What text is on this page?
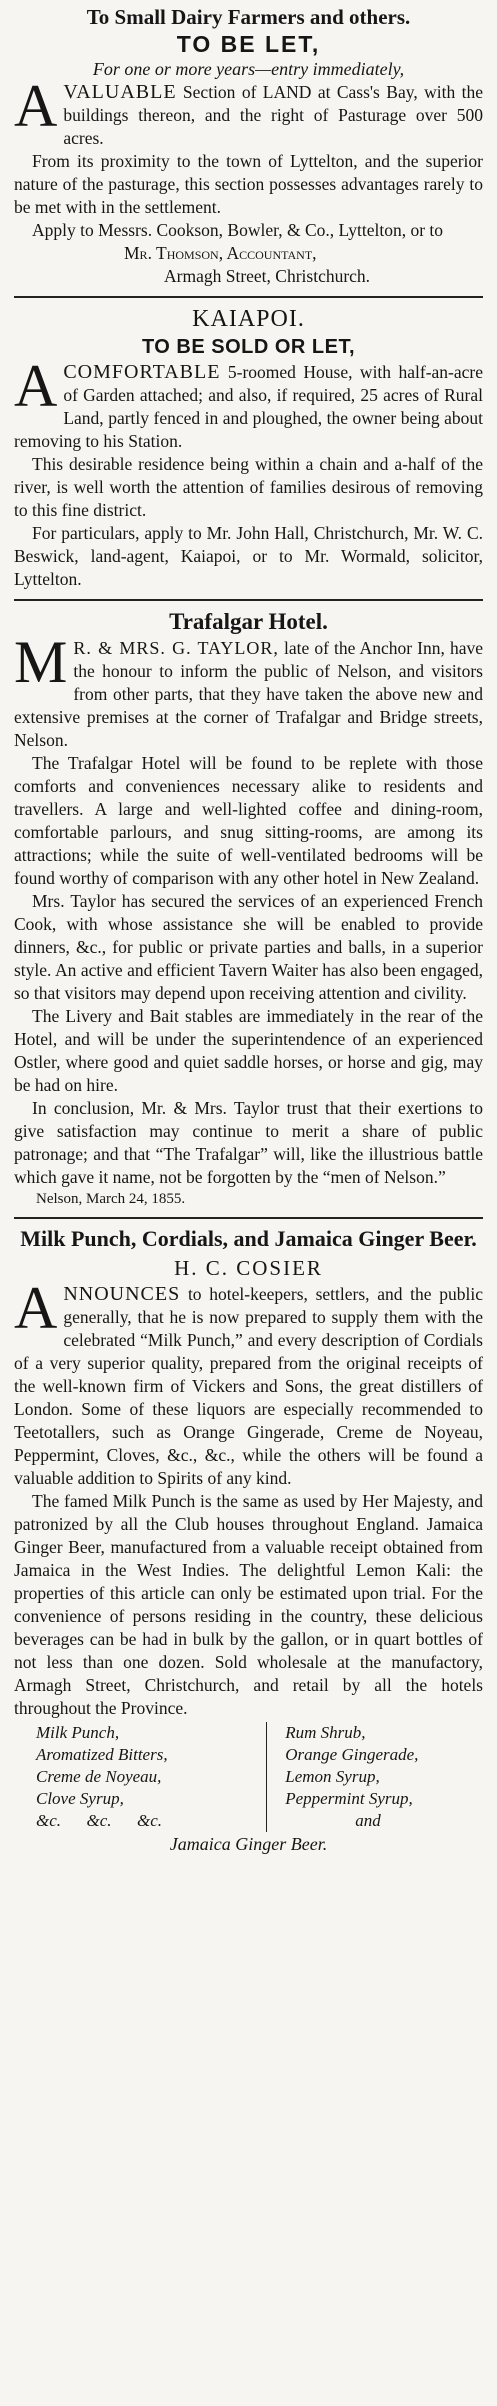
To Small Dairy Farmers and others.

TO BE LET,

For one or more years—entry immediately,

AVALUABLE Section of LAND at Cass's Bay, with the buildings thereon, and the right of Pasturage over 500 acres.

From its proximity to the town of Lyttelton, and the superior nature of the pasturage, this section possesses advantages rarely to be met with in the settlement.

Apply to Messrs. Cookson, Bowler, & Co., Lyttelton, or to

Mr. Thomson, Accountant,

Armagh Street, Christchurch.

KAIAPOI.

TO BE SOLD OR LET,

ACOMFORTABLE 5-roomed House, with half-an-acre of Garden attached; and also, if required, 25 acres of Rural Land, partly fenced in and ploughed, the owner being about removing to his Station.

This desirable residence being within a chain and a-half of the river, is well worth the attention of families desirous of removing to this fine district.

For particulars, apply to Mr. John Hall, Christchurch, Mr. W. C. Beswick, land-agent, Kaiapoi, or to Mr. Wormald, solicitor, Lyttelton.

Trafalgar Hotel.

M R. & MRS. G. TAYLOR, late of the Anchor Inn, have the honour to inform the public of Nelson, and visitors from other parts, that they have taken the above new and extensive premises at the corner of Trafalgar and Bridge streets, Nelson.

The Trafalgar Hotel will be found to be replete with those comforts and conveniences necessary alike to residents and travellers. A large and well-lighted coffee and dining-room, comfortable parlours, and snug sitting-rooms, are among its attractions; while the suite of well-ventilated bedrooms will be found worthy of comparison with any other hotel in New Zealand.

Mrs. Taylor has secured the services of an experienced French Cook, with whose assistance she will be enabled to provide dinners, &c., for public or private parties and balls, in a superior style. An active and efficient Tavern Waiter has also been engaged, so that visitors may depend upon receiving attention and civility.

The Livery and Bait stables are immediately in the rear of the Hotel, and will be under the superintendence of an experienced Ostler, where good and quiet saddle horses, or horse and gig, may be had on hire.

In conclusion, Mr. & Mrs. Taylor trust that their exertions to give satisfaction may continue to merit a share of public patronage; and that “The Trafalgar” will, like the illustrious battle which gave it name, not be forgotten by the “men of Nelson.”

Nelson, March 24, 1855.

Milk Punch, Cordials, and Jamaica Ginger Beer.

H. C. COSIER

ANNOUNCES to hotel-keepers, settlers, and the public generally, that he is now prepared to supply them with the celebrated “Milk Punch,” and every description of Cordials of a very superior quality, prepared from the original receipts of the well-known firm of Vickers and Sons, the great distillers of London. Some of these liquors are especially recommended to Teetotallers, such as Orange Gingerade, Creme de Noyeau, Peppermint, Cloves, &c., &c., while the others will be found a valuable addition to Spirits of any kind.

The famed Milk Punch is the same as used by Her Majesty, and patronized by all the Club houses throughout England. Jamaica Ginger Beer, manufactured from a valuable receipt obtained from Jamaica in the West Indies. The delightful Lemon Kali: the properties of this article can only be estimated upon trial. For the convenience of persons residing in the country, these delicious beverages can be had in bulk by the gallon, or in quart bottles of not less than one dozen. Sold wholesale at the manufactory, Armagh Street, Christchurch, and retail by all the hotels throughout the Province.

Milk Punch,
Aromatized Bitters,
Creme de Noyeau,
Clove Syrup,
&c.      &c.      &c.
Rum Shrub,
Orange Gingerade,
Lemon Syrup,
Peppermint Syrup,
and

Jamaica Ginger Beer.
